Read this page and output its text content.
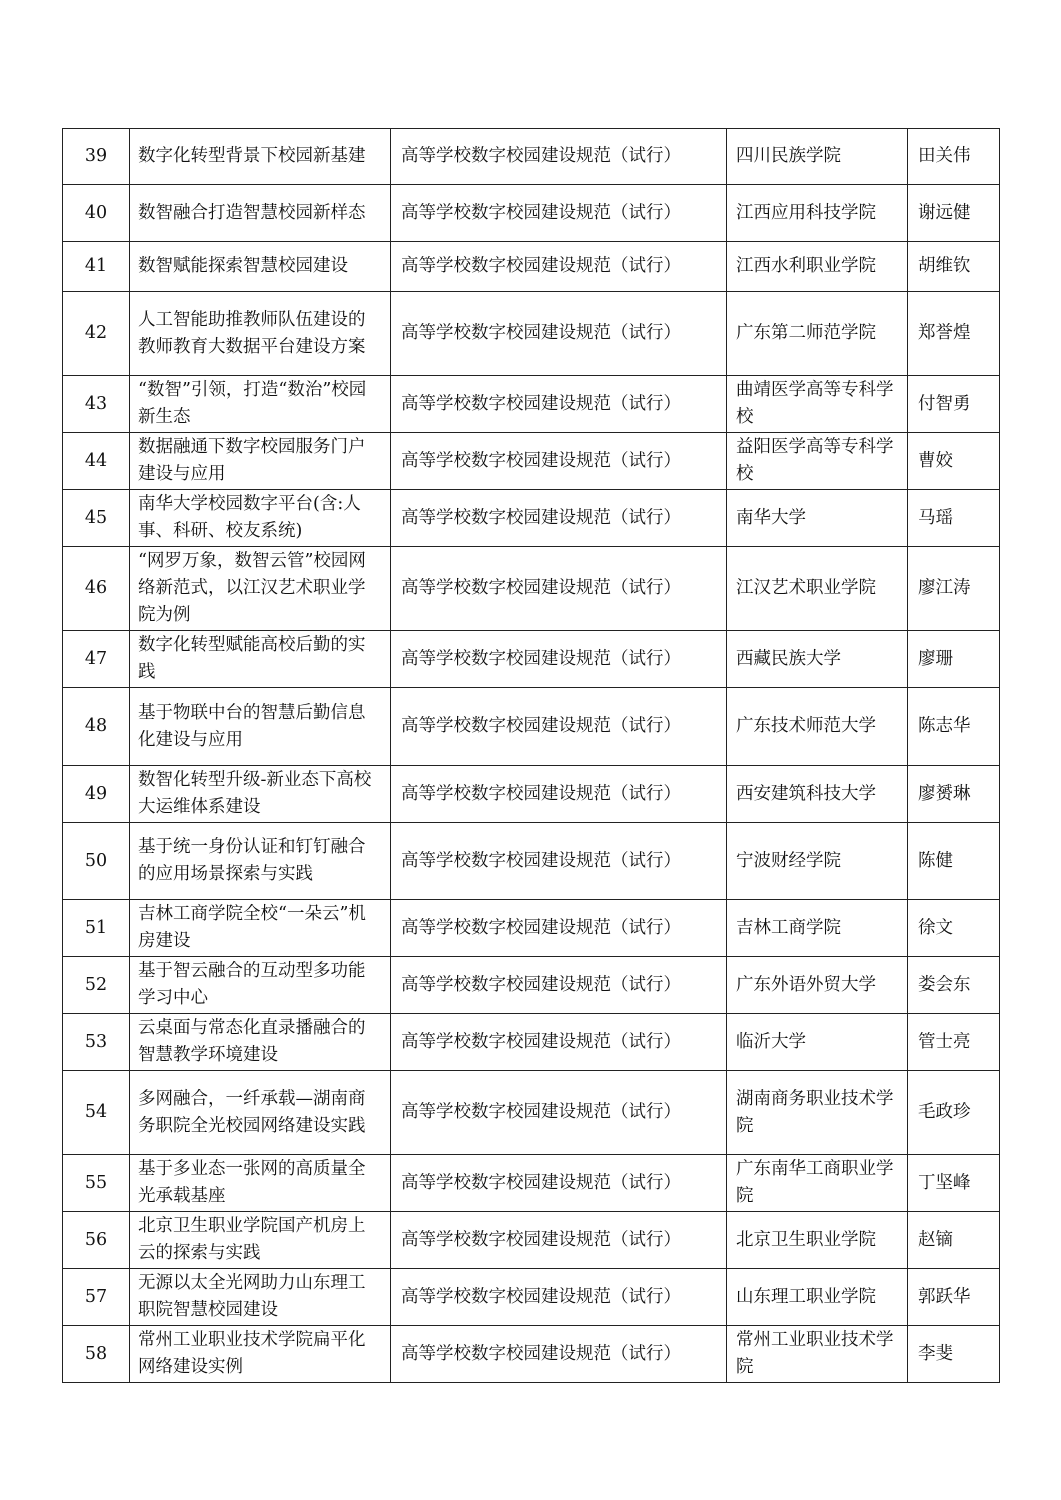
39	数字化转型背景下校园新基建	高等学校数字校园建设规范（试行）	四川民族学院	田关伟
40	数智融合打造智慧校园新样态	高等学校数字校园建设规范（试行）	江西应用科技学院	谢远健
41	数智赋能探索智慧校园建设	高等学校数字校园建设规范（试行）	江西水利职业学院	胡维钦
42	人工智能助推教师队伍建设的教师教育大数据平台建设方案	高等学校数字校园建设规范（试行）	广东第二师范学院	郑誉煌
43	“数智”引领，打造“数治”校园新生态	高等学校数字校园建设规范（试行）	曲靖医学高等专科学校	付智勇
44	数据融通下数字校园服务门户建设与应用	高等学校数字校园建设规范（试行）	益阳医学高等专科学校	曹姣
45	南华大学校园数字平台(含:人事、科研、校友系统)	高等学校数字校园建设规范（试行）	南华大学	马瑶
46	“网罗万象，数智云管”校园网络新范式，以江汉艺术职业学院为例	高等学校数字校园建设规范（试行）	江汉艺术职业学院	廖江涛
47	数字化转型赋能高校后勤的实践	高等学校数字校园建设规范（试行）	西藏民族大学	廖珊
48	基于物联中台的智慧后勤信息化建设与应用	高等学校数字校园建设规范（试行）	广东技术师范大学	陈志华
49	数智化转型升级-新业态下高校大运维体系建设	高等学校数字校园建设规范（试行）	西安建筑科技大学	廖赟琳
50	基于统一身份认证和钉钉融合的应用场景探索与实践	高等学校数字校园建设规范（试行）	宁波财经学院	陈健
51	吉林工商学院全校“一朵云”机房建设	高等学校数字校园建设规范（试行）	吉林工商学院	徐文
52	基于智云融合的互动型多功能学习中心	高等学校数字校园建设规范（试行）	广东外语外贸大学	娄会东
53	云桌面与常态化直录播融合的智慧教学环境建设	高等学校数字校园建设规范（试行）	临沂大学	管士亮
54	多网融合，一纤承载—湖南商务职院全光校园网络建设实践	高等学校数字校园建设规范（试行）	湖南商务职业技术学院	毛政珍
55	基于多业态一张网的高质量全光承载基座	高等学校数字校园建设规范（试行）	广东南华工商职业学院	丁坚峰
56	北京卫生职业学院国产机房上云的探索与实践	高等学校数字校园建设规范（试行）	北京卫生职业学院	赵镝
57	无源以太全光网助力山东理工职院智慧校园建设	高等学校数字校园建设规范（试行）	山东理工职业学院	郭跃华
58	常州工业职业技术学院扁平化网络建设实例	高等学校数字校园建设规范（试行）	常州工业职业技术学院	李斐
